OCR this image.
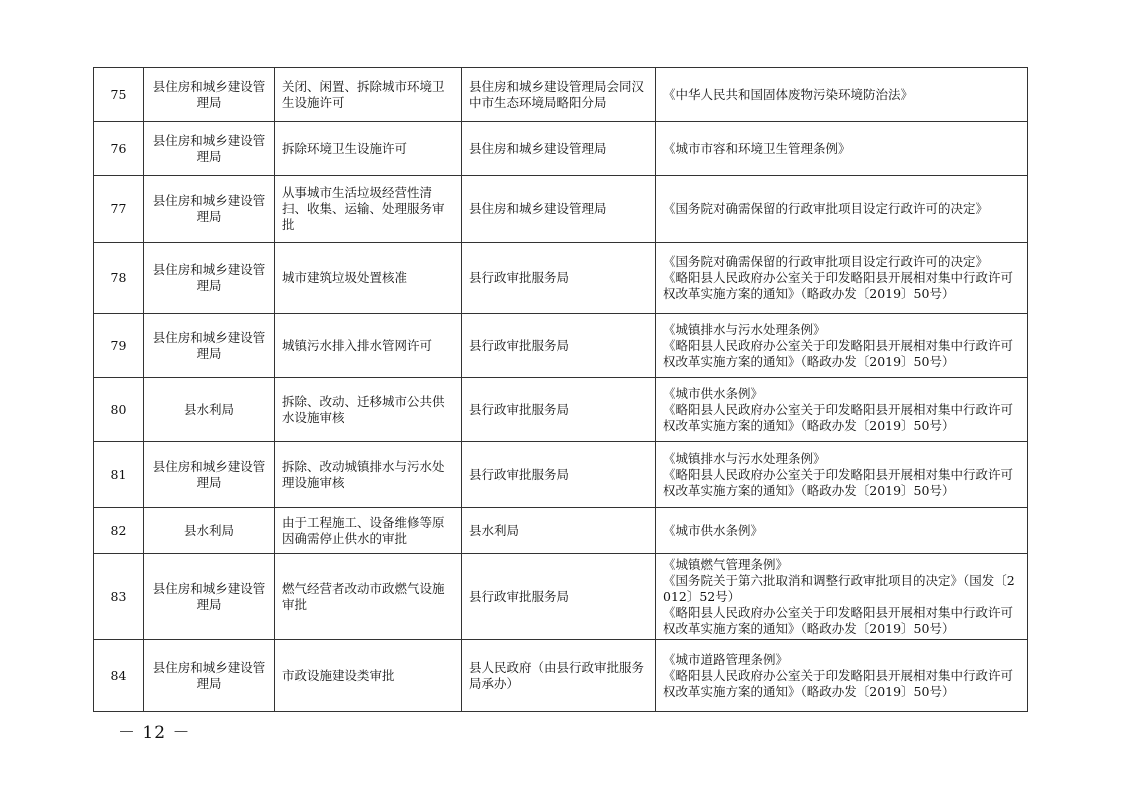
75	县住房和城乡建设管理局	关闭、闲置、拆除城市环境卫生设施许可	县住房和城乡建设管理局会同汉中市生态环境局略阳分局	《中华人民共和国固体废物污染环境防治法》

76	县住房和城乡建设管理局	拆除环境卫生设施许可	县住房和城乡建设管理局	《城市市容和环境卫生管理条例》

77	县住房和城乡建设管理局	从事城市生活垃圾经营性清扫、收集、运输、处理服务审批	县住房和城乡建设管理局	《国务院对确需保留的行政审批项目设定行政许可的决定》

78	县住房和城乡建设管理局	城市建筑垃圾处置核准	县行政审批服务局	《国务院对确需保留的行政审批项目设定行政许可的决定》
《略阳县人民政府办公室关于印发略阳县开展相对集中行政许可权改革实施方案的通知》（略政办发〔2019〕50号）

79	县住房和城乡建设管理局	城镇污水排入排水管网许可	县行政审批服务局	《城镇排水与污水处理条例》
《略阳县人民政府办公室关于印发略阳县开展相对集中行政许可权改革实施方案的通知》（略政办发〔2019〕50号）

80	县水利局	拆除、改动、迁移城市公共供水设施审核	县行政审批服务局	《城市供水条例》
《略阳县人民政府办公室关于印发略阳县开展相对集中行政许可权改革实施方案的通知》（略政办发〔2019〕50号）

81	县住房和城乡建设管理局	拆除、改动城镇排水与污水处理设施审核	县行政审批服务局	《城镇排水与污水处理条例》
《略阳县人民政府办公室关于印发略阳县开展相对集中行政许可权改革实施方案的通知》（略政办发〔2019〕50号）

82	县水利局	由于工程施工、设备维修等原因确需停止供水的审批	县水利局	《城市供水条例》

83	县住房和城乡建设管理局	燃气经营者改动市政燃气设施审批	县行政审批服务局	《城镇燃气管理条例》
《国务院关于第六批取消和调整行政审批项目的决定》（国发〔2012〕52号）
《略阳县人民政府办公室关于印发略阳县开展相对集中行政许可权改革实施方案的通知》（略政办发〔2019〕50号）

84	县住房和城乡建设管理局	市政设施建设类审批	县人民政府（由县行政审批服务局承办）	《城市道路管理条例》
《略阳县人民政府办公室关于印发略阳县开展相对集中行政许可权改革实施方案的通知》（略政办发〔2019〕50号）
－ 12 －
